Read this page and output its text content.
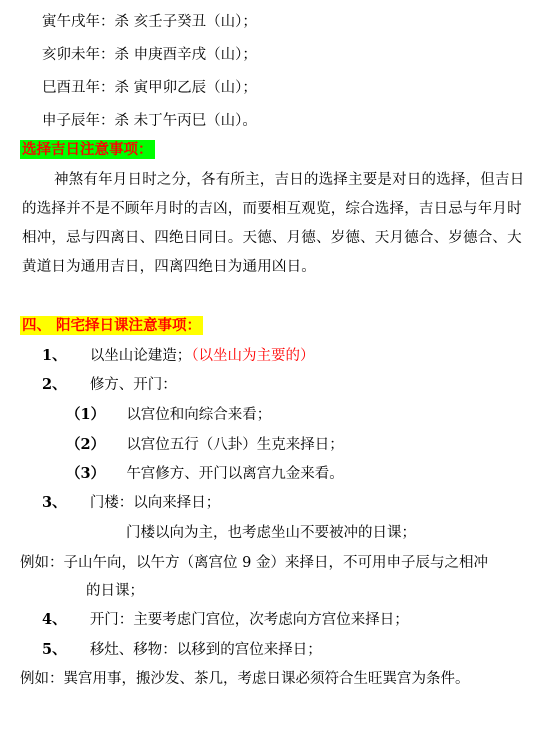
寅午戌年：杀 亥壬子癸丑（山）；
亥卯未年：杀 申庚酉辛戌（山）；
巳酉丑年：杀 寅甲卯乙辰（山）；
申子辰年：杀 未丁午丙巳（山）。
选择吉日注意事项：
神煞有年月日时之分，各有所主，吉日的选择主要是对日的选择，但吉日的选择并不是不顾年月时的吉凶，而要相互观览，综合选择，吉日忌与年月时相冲，忌与四离日、四绝日同日。天德、月德、岁德、天月德合、岁德合、大黄道日为通用吉日，四离四绝日为通用凶日。
四、 阳宅择日课注意事项：
1、 以坐山论建造；（以坐山为主要的）
2、 修方、开门：
（1） 以宫位和向综合来看；
（2） 以宫位五行（八卦）生克来择日；
（3） 午宫修方、开门以离宫九金来看。
3、 门楼：以向来择日；
门楼以向为主，也考虑坐山不要被冲的日课；
例如：子山午向，以午方（离宫位 9 金）来择日，不可用申子辰与之相冲
的日课；
4、 开门：主要考虑门宫位，次考虑向方宫位来择日；
5、 移灶、移物：以移到的宫位来择日；
例如：巽宫用事，搬沙发、茶几，考虑日课必须符合生旺巽宫为条件。
